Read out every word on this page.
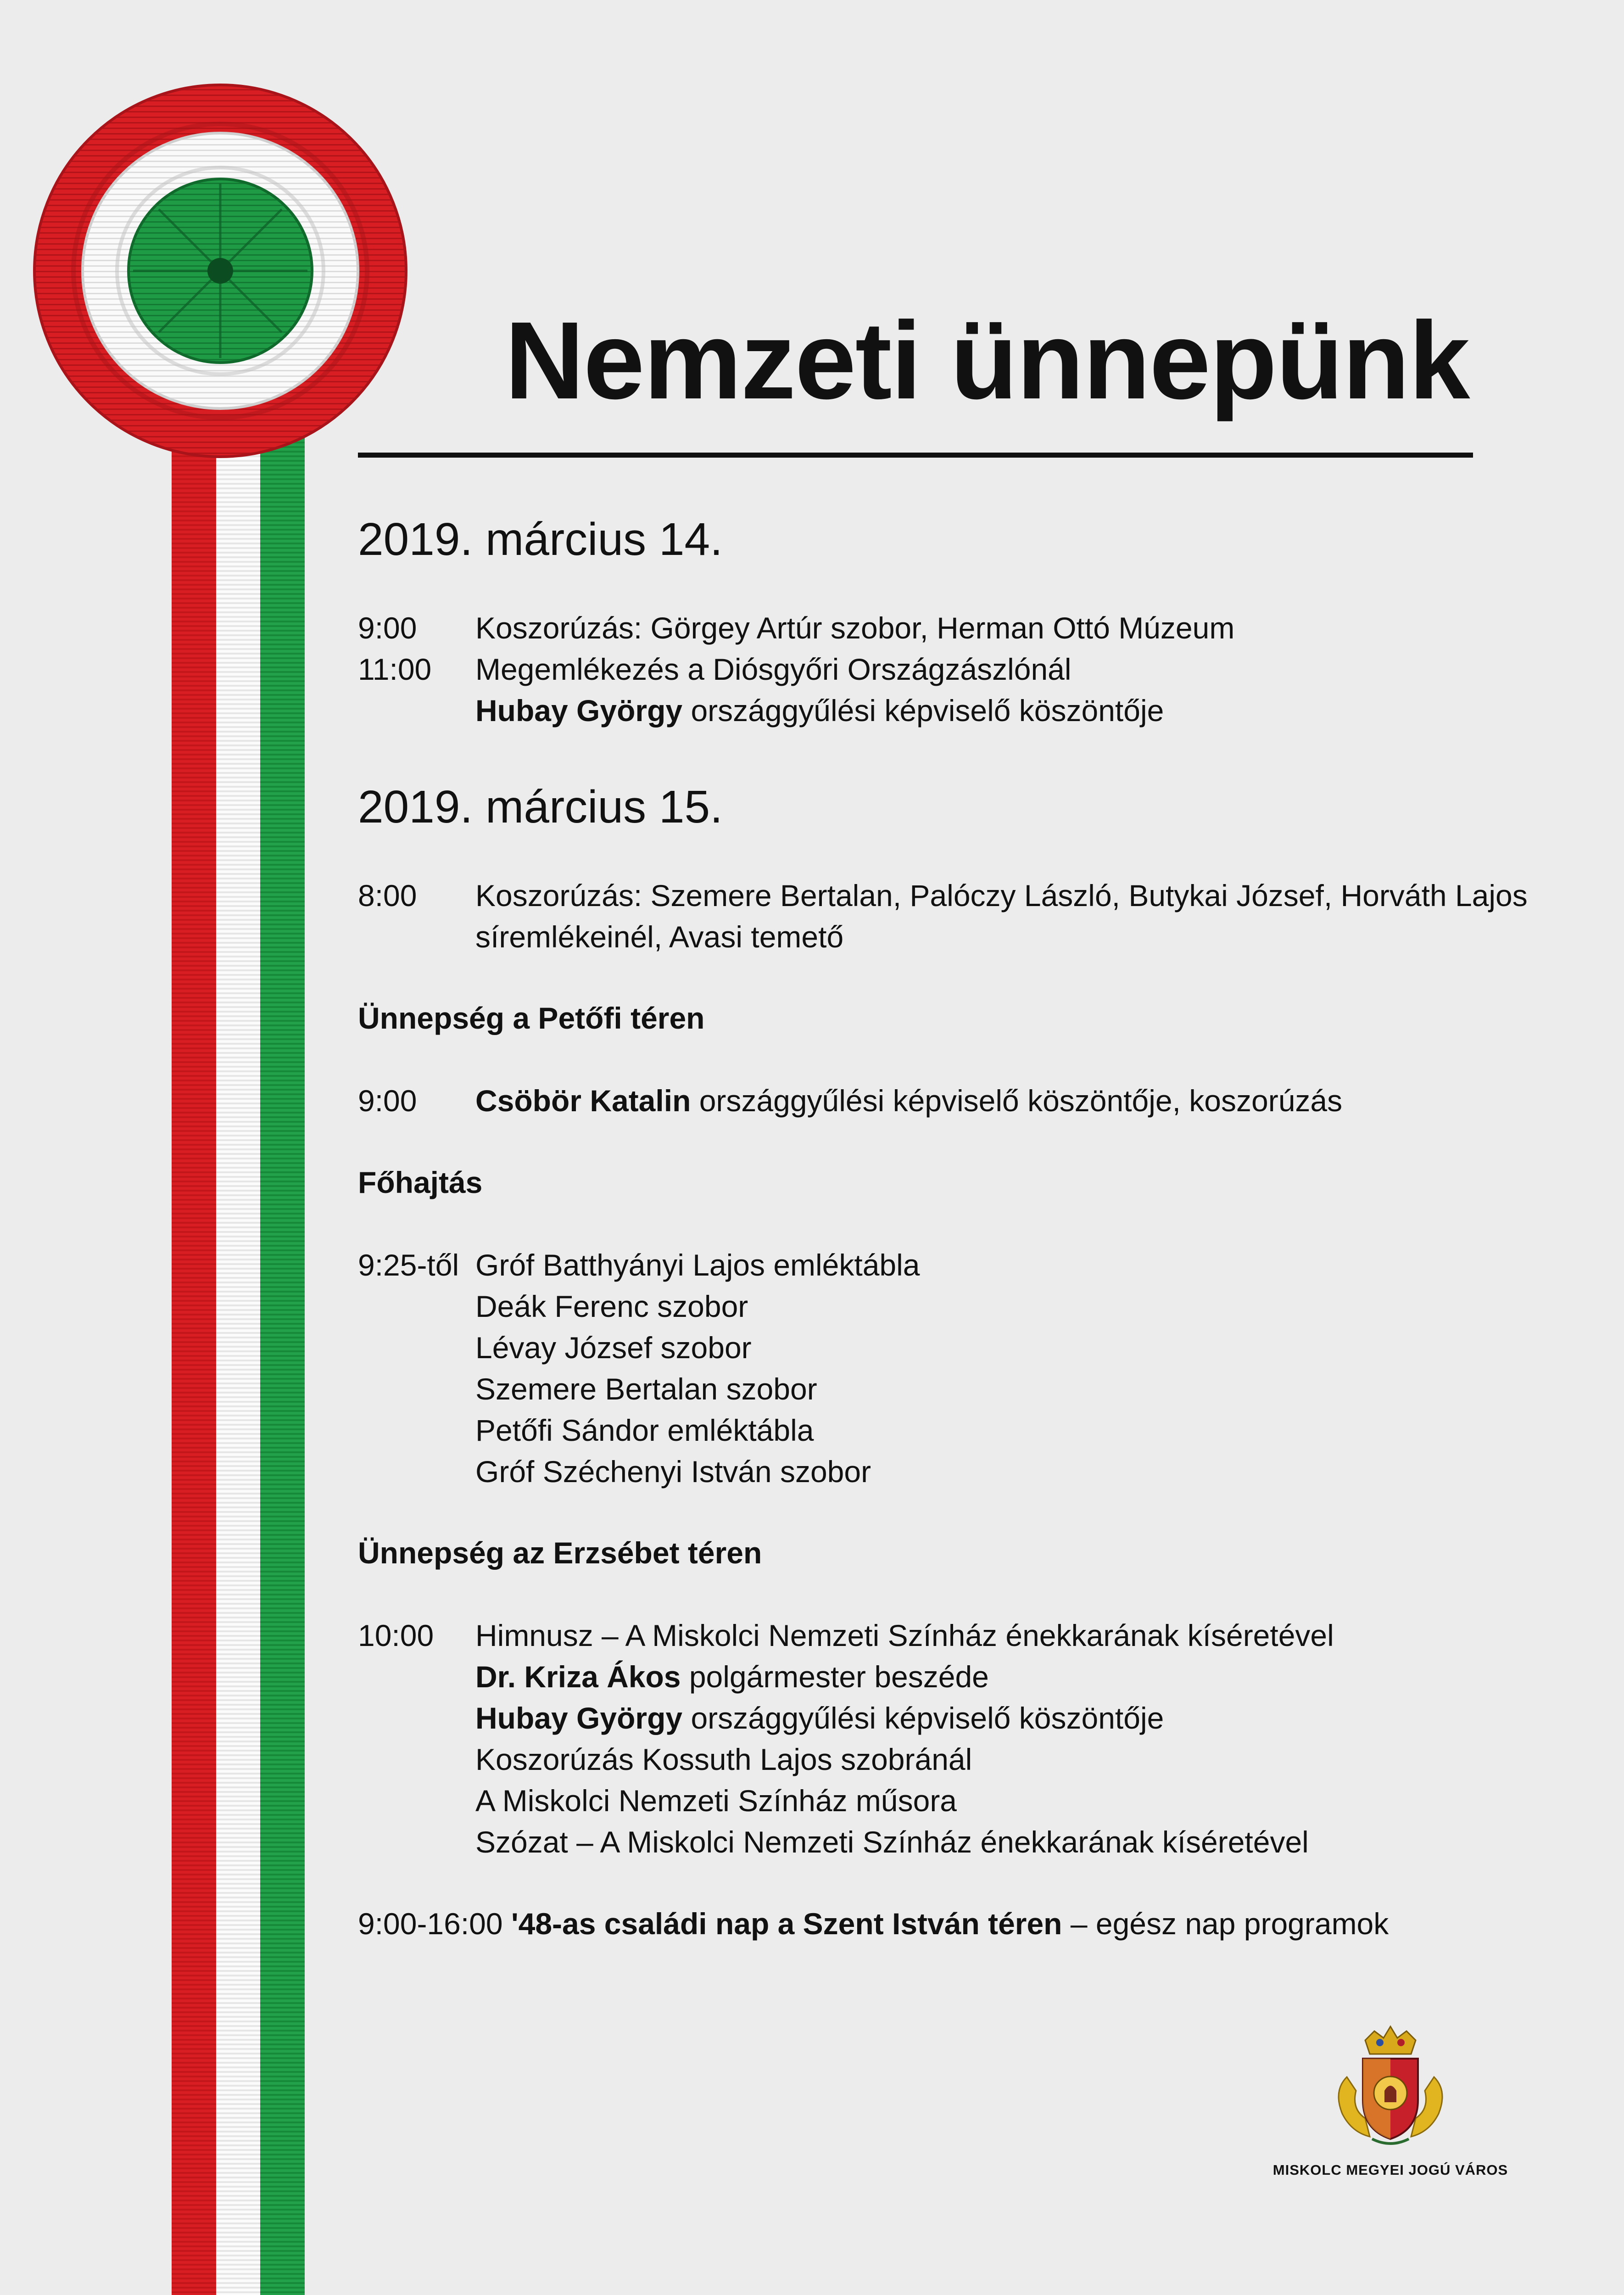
Nemzeti ünnepünk
2019. március 14.
9:00 Koszorúzás: Görgey Artúr szobor, Herman Ottó Múzeum
11:00 Megemlékezés a Diósgyőri Országzászlónál
Hubay György országgyűlési képviselő köszöntője
2019. március 15.
8:00 Koszorúzás: Szemere Bertalan, Palóczy László, Butykai József, Horváth Lajos
síremlékeinél, Avasi temető
Ünnepség a Petőfi téren
9:00 Csöbör Katalin országgyűlési képviselő köszöntője, koszorúzás
Főhajtás
9:25-től Gróf Batthyányi Lajos emléktábla
Deák Ferenc szobor
Lévay József szobor
Szemere Bertalan szobor
Petőfi Sándor emléktábla
Gróf Széchenyi István szobor
Ünnepség az Erzsébet téren
10:00 Himnusz – A Miskolci Nemzeti Színház énekkarának kíséretével
Dr. Kriza Ákos polgármester beszéde
Hubay György országgyűlési képviselő köszöntője
Koszorúzás Kossuth Lajos szobránál
A Miskolci Nemzeti Színház műsora
Szózat – A Miskolci Nemzeti Színház énekkarának kíséretével
9:00-16:00 '48-as családi nap a Szent István téren – egész nap programok
MISKOLC MEGYEI JOGÚ VÁROS
